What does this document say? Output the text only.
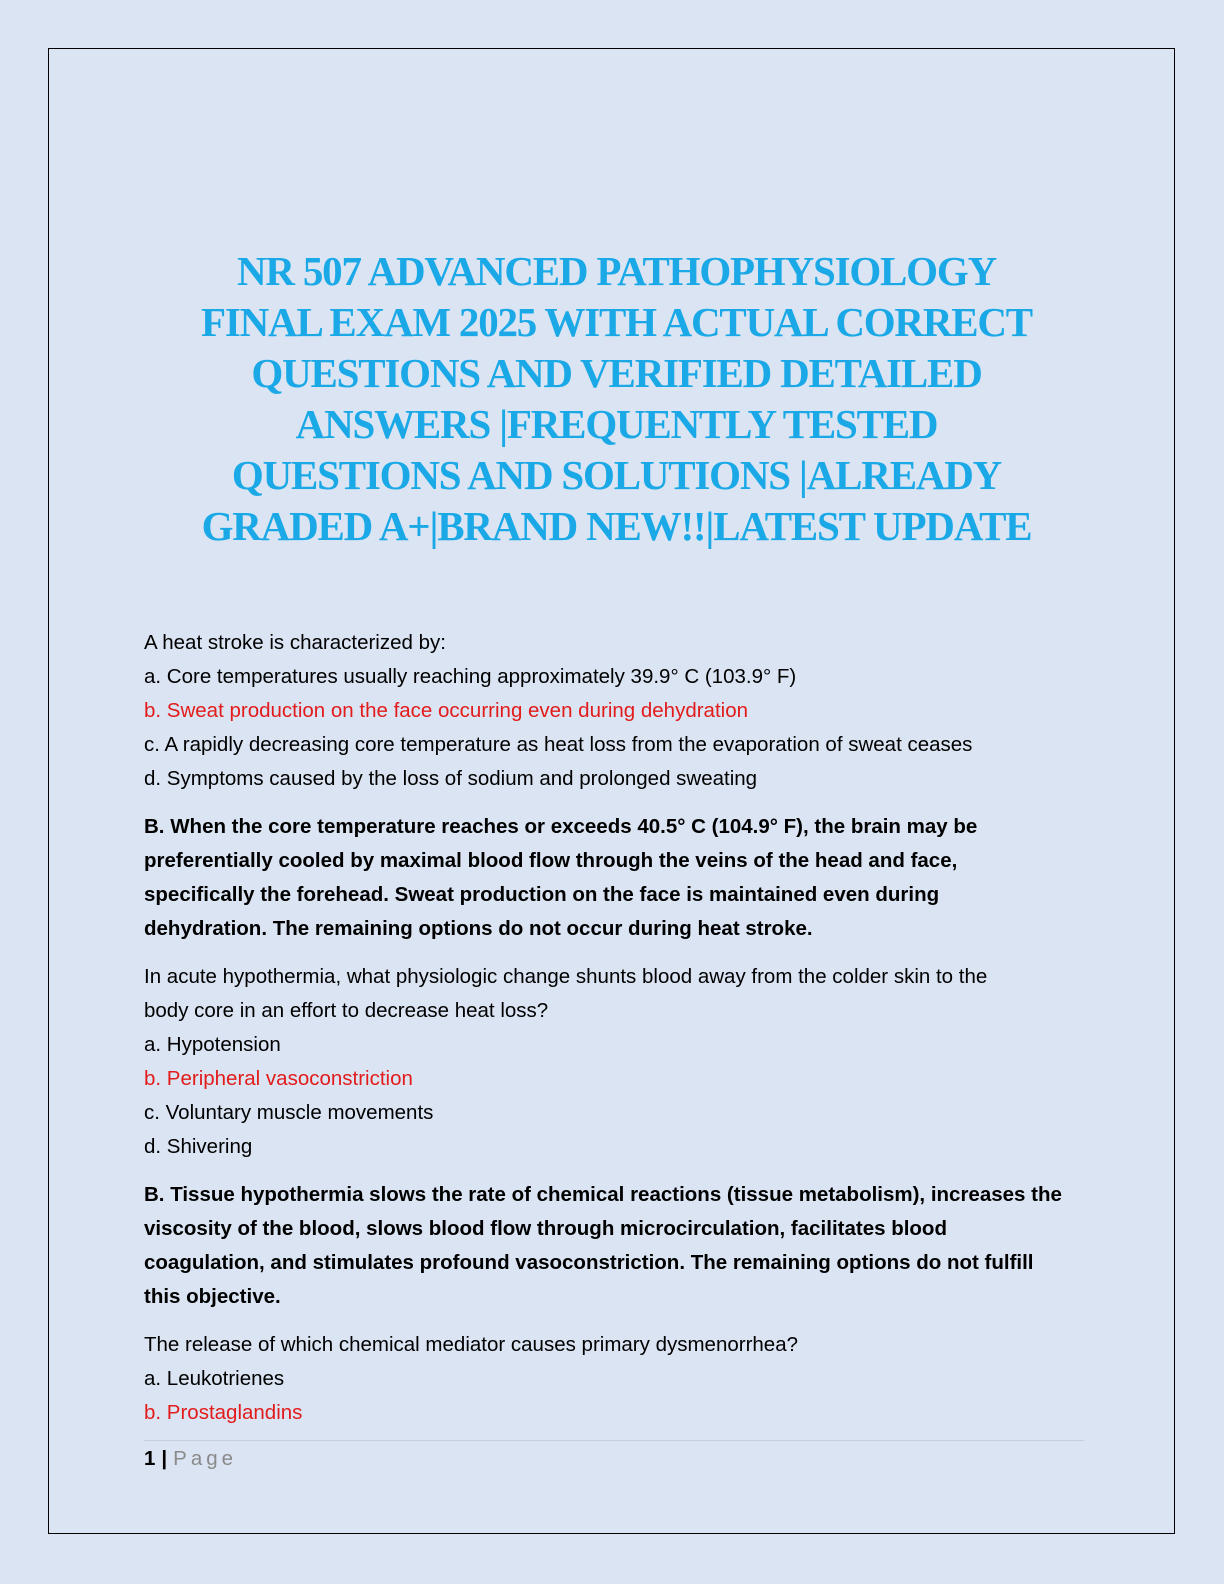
NR 507 ADVANCED PATHOPHYSIOLOGY
FINAL EXAM 2025 WITH ACTUAL CORRECT
QUESTIONS AND VERIFIED DETAILED
ANSWERS |FREQUENTLY TESTED
QUESTIONS AND SOLUTIONS |ALREADY
GRADED A+|BRAND NEW!!|LATEST UPDATE
A heat stroke is characterized by:
a. Core temperatures usually reaching approximately 39.9° C (103.9° F)
b. Sweat production on the face occurring even during dehydration
c. A rapidly decreasing core temperature as heat loss from the evaporation of sweat ceases
d. Symptoms caused by the loss of sodium and prolonged sweating
B. When the core temperature reaches or exceeds 40.5° C (104.9° F), the brain may be
preferentially cooled by maximal blood flow through the veins of the head and face,
specifically the forehead. Sweat production on the face is maintained even during
dehydration. The remaining options do not occur during heat stroke.
In acute hypothermia, what physiologic change shunts blood away from the colder skin to the
body core in an effort to decrease heat loss?
a. Hypotension
b. Peripheral vasoconstriction
c. Voluntary muscle movements
d. Shivering
B. Tissue hypothermia slows the rate of chemical reactions (tissue metabolism), increases the
viscosity of the blood, slows blood flow through microcirculation, facilitates blood
coagulation, and stimulates profound vasoconstriction. The remaining options do not fulfill
this objective.
The release of which chemical mediator causes primary dysmenorrhea?
a. Leukotrienes
b. Prostaglandins
1 | Page
